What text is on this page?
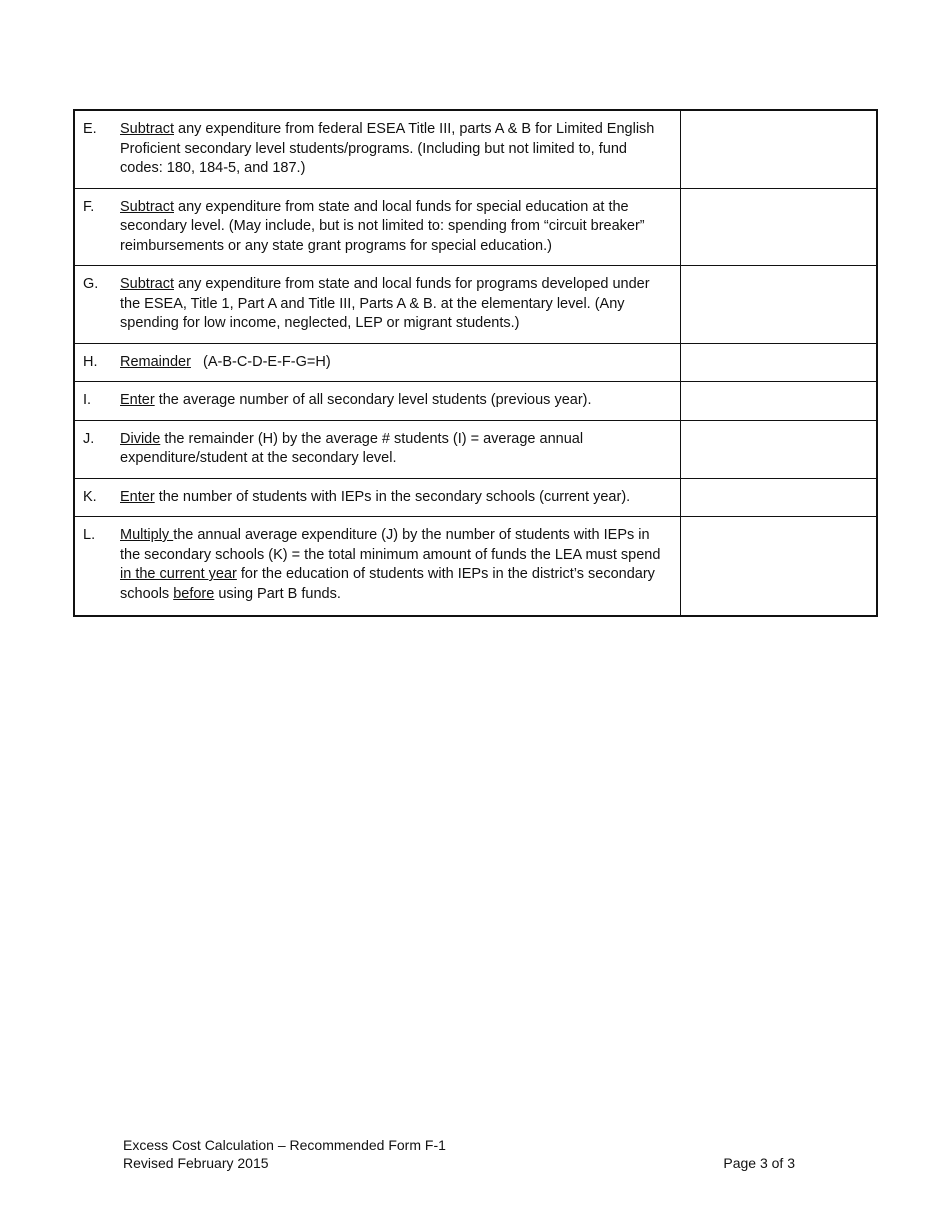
E. Subtract any expenditure from federal ESEA Title III, parts A & B for Limited English Proficient secondary level students/programs. (Including but not limited to, fund codes: 180, 184-5, and 187.)	

F. Subtract any expenditure from state and local funds for special education at the secondary level. (May include, but is not limited to: spending from “circuit breaker” reimbursements or any state grant programs for special education.)	

G. Subtract any expenditure from state and local funds for programs developed under the ESEA, Title 1, Part A and Title III, Parts A & B. at the elementary level. (Any spending for low income, neglected, LEP or migrant students.)	

H. Remainder   (A-B-C-D-E-F-G=H)	

I. Enter the average number of all secondary level students (previous year).	

J. Divide the remainder (H) by the average # students (I) = average annual expenditure/student at the secondary level.	

K. Enter the number of students with IEPs in the secondary schools (current year).	

L. Multiply the annual average expenditure (J) by the number of students with IEPs in the secondary schools (K) = the total minimum amount of funds the LEA must spend in the current year for the education of students with IEPs in the district’s secondary schools before using Part B funds.	

Excess Cost Calculation – Recommended Form F-1
Revised February 2015	Page 3 of 3
